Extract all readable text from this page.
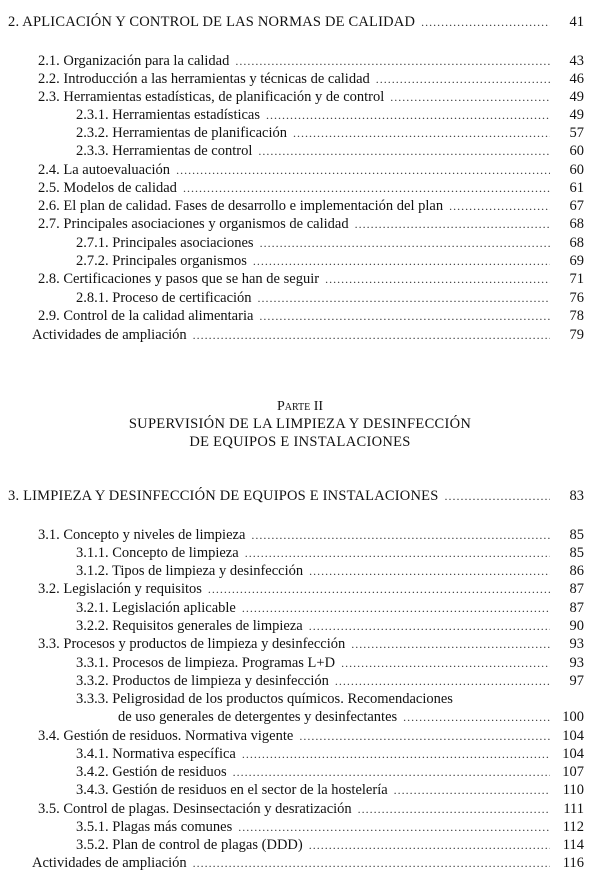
2. APLICACIÓN Y CONTROL DE LAS NORMAS DE CALIDAD .....	41
2.1. Organización para la calidad .....	43
2.2. Introducción a las herramientas y técnicas de calidad .....	46
2.3. Herramientas estadísticas, de planificación y de control .....	49
2.3.1. Herramientas estadísticas .....	49
2.3.2. Herramientas de planificación .....	57
2.3.3. Herramientas de control .....	60
2.4. La autoevaluación .....	60
2.5. Modelos de calidad .....	61
2.6. El plan de calidad. Fases de desarrollo e implementación del plan .....	67
2.7. Principales asociaciones y organismos de calidad .....	68
2.7.1. Principales asociaciones .....	68
2.7.2. Principales organismos .....	69
2.8. Certificaciones y pasos que se han de seguir .....	71
2.8.1. Proceso de certificación .....	76
2.9. Control de la calidad alimentaria .....	78
Actividades de ampliación .....	79
Parte II
SUPERVISIÓN DE LA LIMPIEZA Y DESINFECCIÓN
DE EQUIPOS E INSTALACIONES
3. LIMPIEZA Y DESINFECCIÓN DE EQUIPOS E INSTALACIONES .....	83
3.1. Concepto y niveles de limpieza .....	85
3.1.1. Concepto de limpieza .....	85
3.1.2. Tipos de limpieza y desinfección .....	86
3.2. Legislación y requisitos .....	87
3.2.1. Legislación aplicable .....	87
3.2.2. Requisitos generales de limpieza .....	90
3.3. Procesos y productos de limpieza y desinfección .....	93
3.3.1. Procesos de limpieza. Programas L+D .....	93
3.3.2. Productos de limpieza y desinfección .....	97
3.3.3. Peligrosidad de los productos químicos. Recomendaciones
de uso generales de detergentes y desinfectantes .....	100
3.4. Gestión de residuos. Normativa vigente .....	104
3.4.1. Normativa específica .....	104
3.4.2. Gestión de residuos .....	107
3.4.3. Gestión de residuos en el sector de la hostelería .....	110
3.5. Control de plagas. Desinsectación y desratización .....	111
3.5.1. Plagas más comunes .....	112
3.5.2. Plan de control de plagas (DDD) .....	114
Actividades de ampliación .....	116
